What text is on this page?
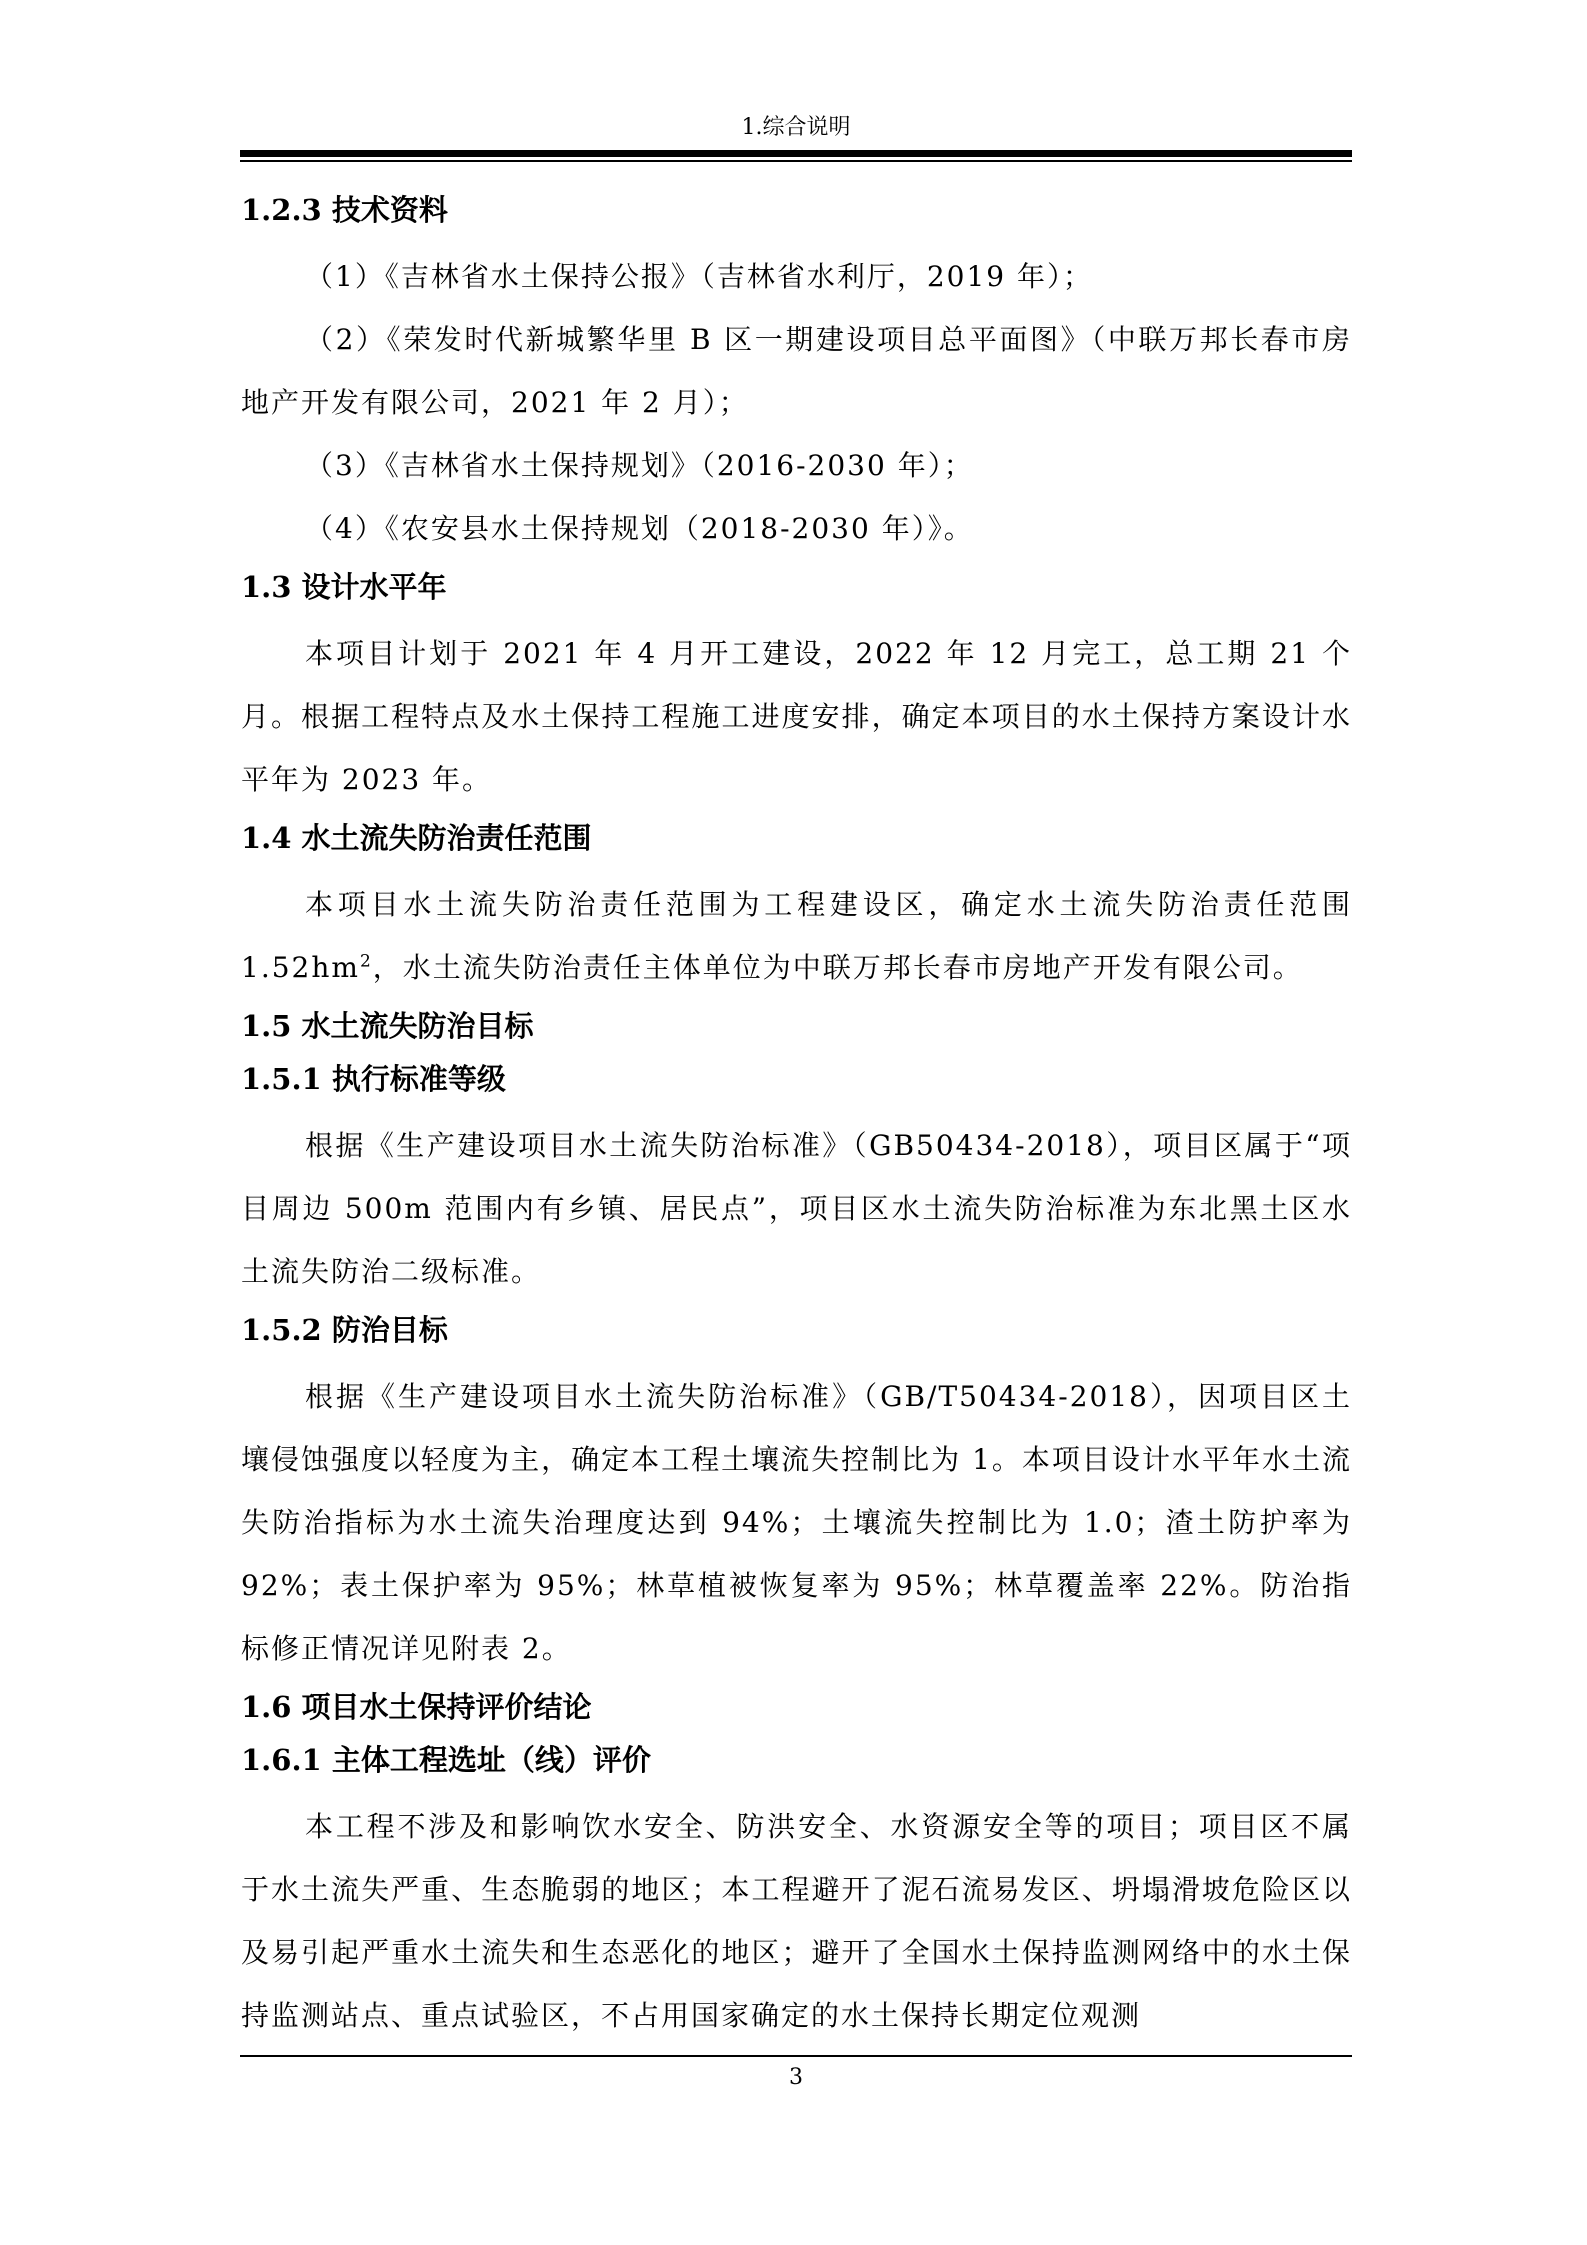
1.综合说明
1.2.3 技术资料

（1）《吉林省水土保持公报》（吉林省水利厅，2019 年）；

（2）《荣发时代新城繁华里 B 区一期建设项目总平面图》（中联万邦长春市房地产开发有限公司，2021 年 2 月）；

（3）《吉林省水土保持规划》（2016-2030 年）；

（4）《农安县水土保持规划（2018-2030 年）》。

1.3 设计水平年

本项目计划于 2021 年 4 月开工建设，2022 年 12 月完工，总工期 21 个月。根据工程特点及水土保持工程施工进度安排，确定本项目的水土保持方案设计水平年为 2023 年。

1.4 水土流失防治责任范围

本项目水土流失防治责任范围为工程建设区，确定水土流失防治责任范围 $1.52hm^2$，水土流失防治责任主体单位为中联万邦长春市房地产开发有限公司。

1.5 水土流失防治目标
1.5.1 执行标准等级

根据《生产建设项目水土流失防治标准》（GB50434-2018），项目区属于“项目周边 500m 范围内有乡镇、居民点”，项目区水土流失防治标准为东北黑土区水土流失防治二级标准。

1.5.2 防治目标

根据《生产建设项目水土流失防治标准》（GB/T50434-2018），因项目区土壤侵蚀强度以轻度为主，确定本工程土壤流失控制比为 1。本项目设计水平年水土流失防治指标为水土流失治理度达到 94%；土壤流失控制比为 1.0；渣土防护率为 92%；表土保护率为 95%；林草植被恢复率为 95%；林草覆盖率 22%。防治指标修正情况详见附表 2。

1.6 项目水土保持评价结论
1.6.1 主体工程选址（线）评价

本工程不涉及和影响饮水安全、防洪安全、水资源安全等的项目；项目区不属于水土流失严重、生态脆弱的地区；本工程避开了泥石流易发区、坍塌滑坡危险区以及易引起严重水土流失和生态恶化的地区；避开了全国水土保持监测网络中的水土保持监测站点、重点试验区，不占用国家确定的水土保持长期定位观测

3
